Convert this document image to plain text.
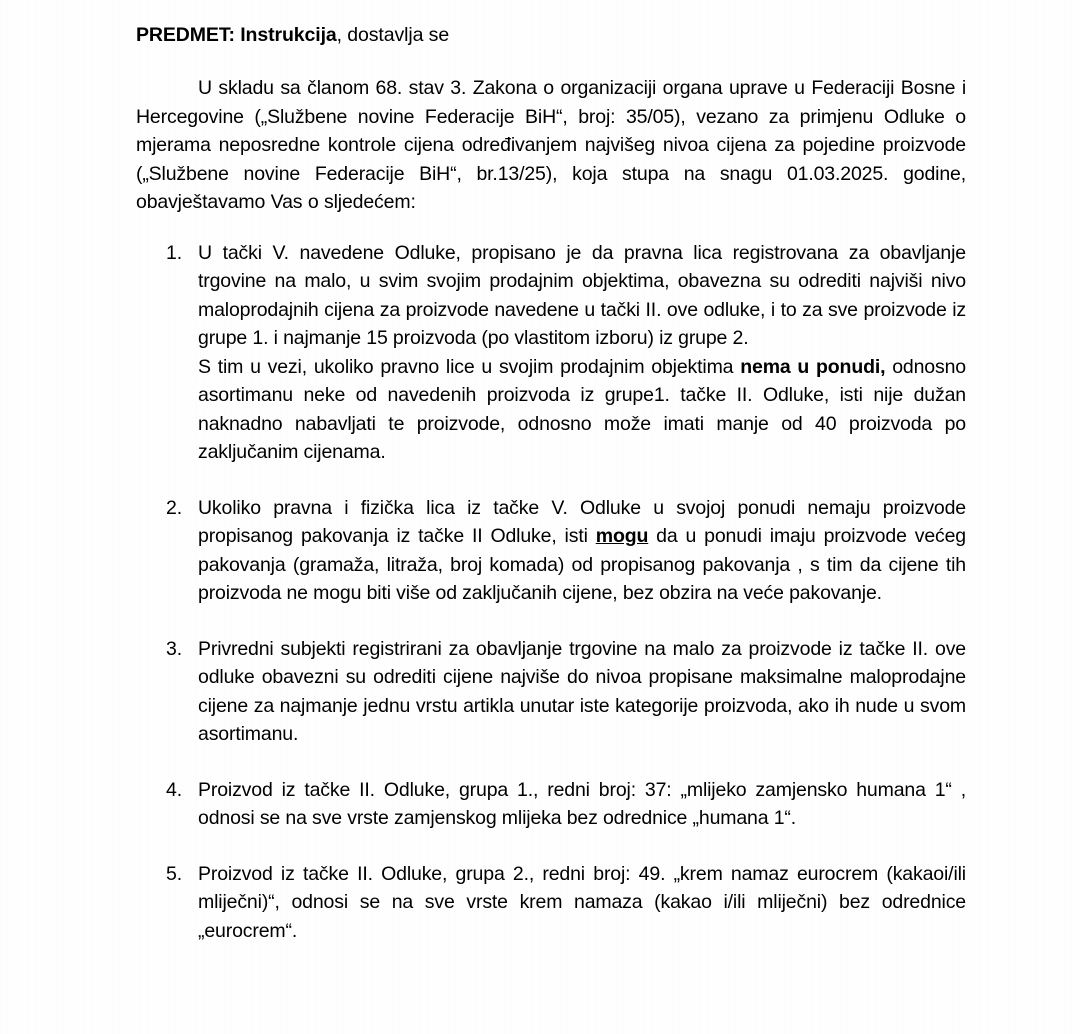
PREDMET: Instrukcija, dostavlja se

U skladu sa članom 68. stav 3. Zakona o organizaciji organa uprave u Federaciji Bosne i Hercegovine („Službene novine Federacije BiH“, broj: 35/05), vezano za primjenu Odluke o mjerama neposredne kontrole cijena određivanjem najvišeg nivoa cijena za pojedine proizvode („Službene novine Federacije BiH“, br.13/25), koja stupa na snagu 01.03.2025. godine, obavještavamo Vas o sljedećem:

1. U tački V. navedene Odluke, propisano je da pravna lica registrovana za obavljanje trgovine na malo, u svim svojim prodajnim objektima, obavezna su odrediti najviši nivo maloprodajnih cijena za proizvode navedene u tački II. ove odluke, i to za sve proizvode iz grupe 1. i najmanje 15 proizvoda (po vlastitom izboru) iz grupe 2.

S tim u vezi, ukoliko pravno lice u svojim prodajnim objektima nema u ponudi, odnosno asortimanu neke od navedenih proizvoda iz grupe1. tačke II. Odluke, isti nije dužan naknadno nabavljati te proizvode, odnosno može imati manje od 40 proizvoda po zaključanim cijenama.

2. Ukoliko pravna i fizička lica iz tačke V. Odluke u svojoj ponudi nemaju proizvode propisanog pakovanja iz tačke II Odluke, isti mogu da u ponudi imaju proizvode većeg pakovanja (gramaža, litraža, broj komada) od propisanog pakovanja , s tim da cijene tih proizvoda ne mogu biti više od zaključanih cijene, bez obzira na veće pakovanje.

3. Privredni subjekti registrirani za obavljanje trgovine na malo za proizvode iz tačke II. ove odluke obavezni su odrediti cijene najviše do nivoa propisane maksimalne maloprodajne cijene za najmanje jednu vrstu artikla unutar iste kategorije proizvoda, ako ih nude u svom asortimanu.

4. Proizvod iz tačke II. Odluke, grupa 1., redni broj: 37: „mlijeko zamjensko humana 1“ , odnosi se na sve vrste zamjenskog mlijeka bez odrednice „humana 1“.

5. Proizvod iz tačke II. Odluke, grupa 2., redni broj: 49. „krem namaz eurocrem (kakaoi/ili mliječni)“, odnosi se na sve vrste krem namaza (kakao i/ili mliječni) bez odrednice „eurocrem“.
